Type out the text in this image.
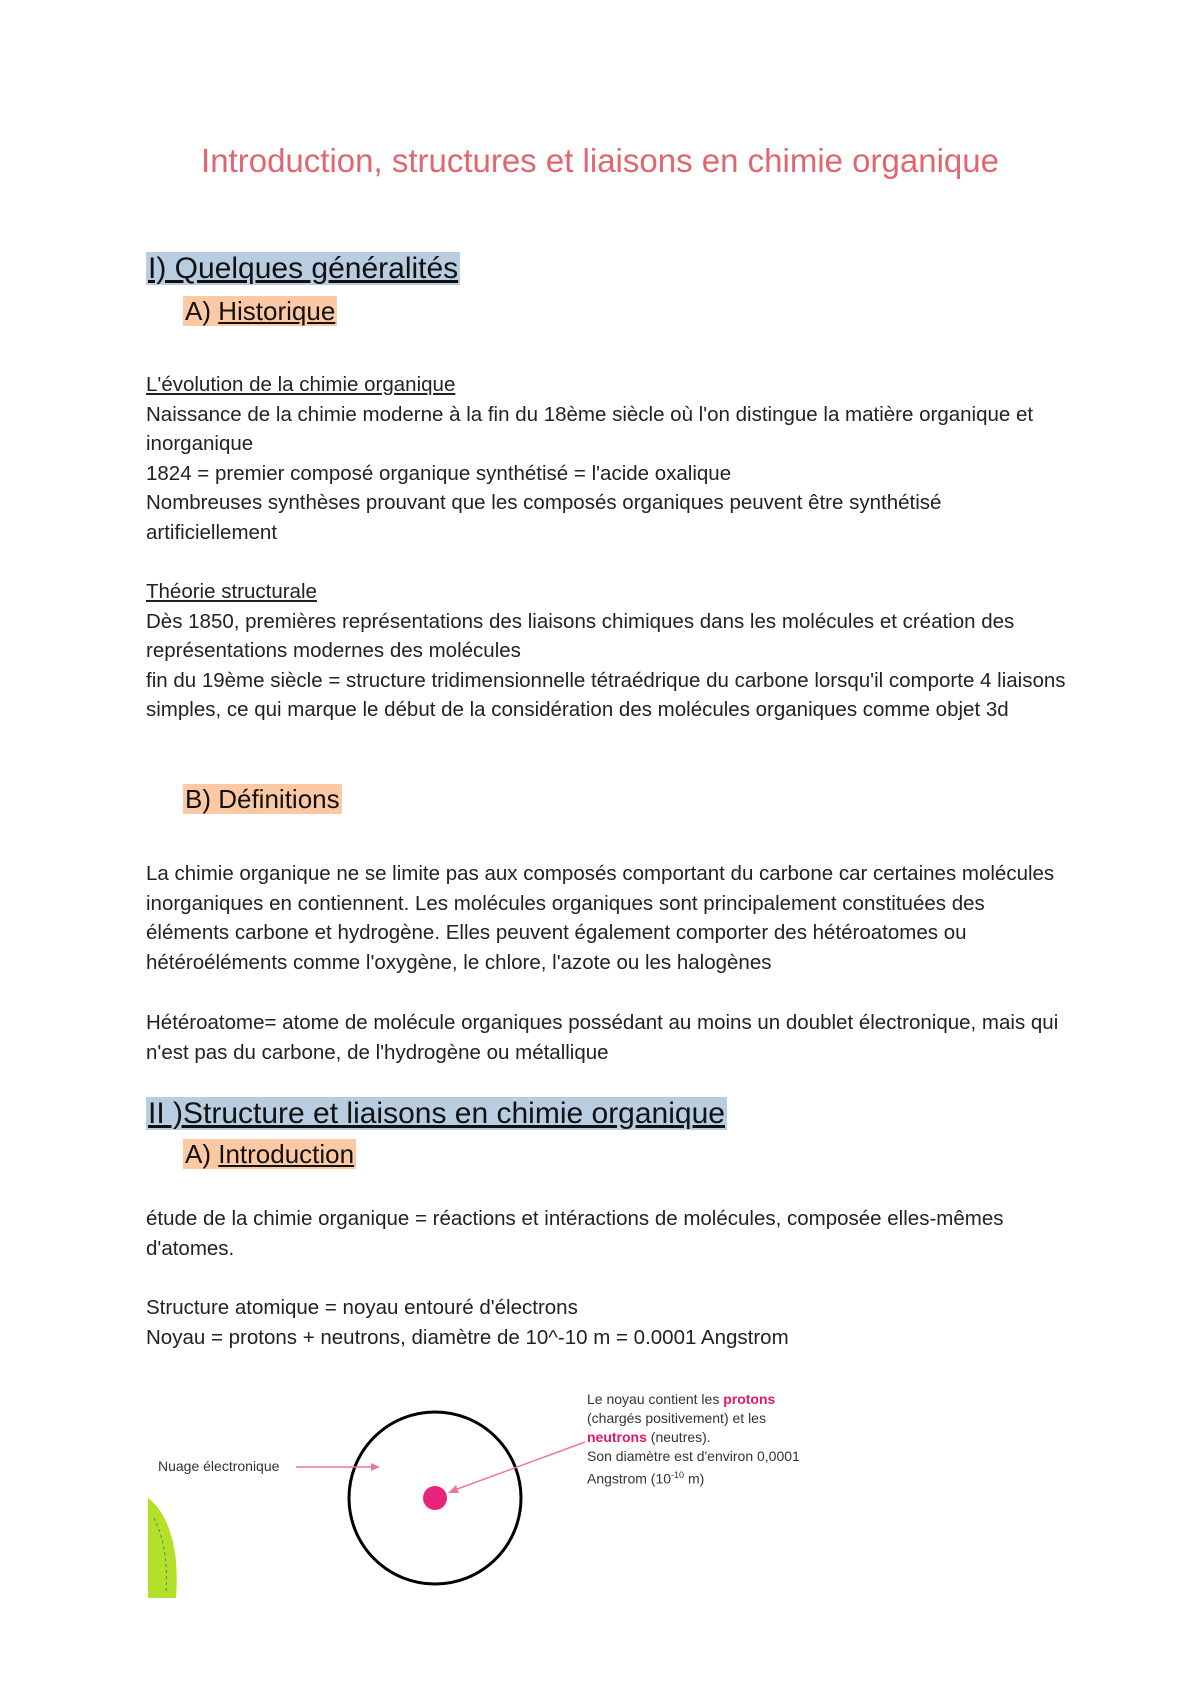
Introduction, structures et liaisons en chimie organique
I) Quelques généralités
A) Historique
L'évolution de la chimie organique
Naissance de la chimie moderne à la fin du 18ème siècle où l'on distingue la matière organique et inorganique
1824 = premier composé organique synthétisé = l'acide oxalique
Nombreuses synthèses prouvant que les composés organiques peuvent être synthétisé artificiellement
Théorie structurale
Dès 1850, premières représentations des liaisons chimiques dans les molécules et création des représentations modernes des molécules
fin du 19ème siècle = structure tridimensionnelle tétraédrique du carbone lorsqu'il comporte 4 liaisons simples, ce qui marque le début de la considération des molécules organiques comme objet 3d
B) Définitions

La chimie organique ne se limite pas aux composés comportant du carbone car certaines molécules inorganiques en contiennent. Les molécules organiques sont principalement constituées des éléments carbone et hydrogène. Elles peuvent également comporter des hétéroatomes ou hétéroéléments comme l'oxygène, le chlore, l'azote ou les halogènes

Hétéroatome= atome de molécule organiques possédant au moins un doublet électronique, mais qui n'est pas du carbone, de l'hydrogène ou métallique

II )Structure et liaisons en chimie organique
A) Introduction

étude de la chimie organique = réactions et intéractions de molécules, composée elles-mêmes d'atomes.

Structure atomique = noyau entouré d'électrons
Noyau = protons + neutrons, diamètre de 10^-10 m = 0.0001 Angstrom

Nuage électronique

Le noyau contient les protons (chargés positivement) et les neutrons (neutres).
Son diamètre est d'environ 0,0001 Angstrom ($10^{-10}$ m)
